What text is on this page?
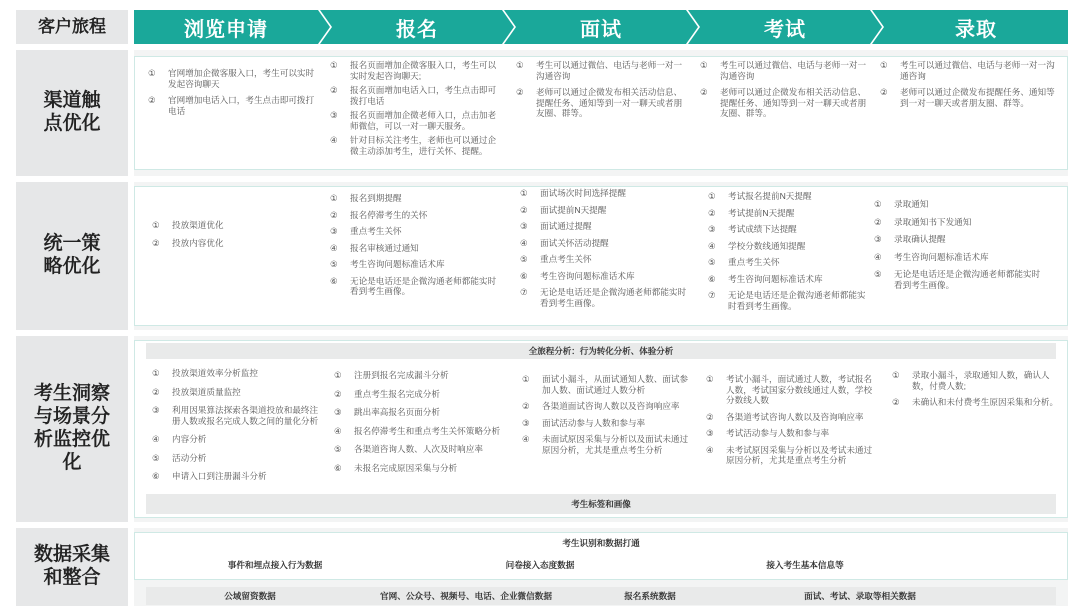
客户旅程	浏览申请	报名	面试	考试	录取
渠道触点优化
①	官网增加企微客服入口，考生可以实时发起咨询聊天
②	官网增加电话入口，考生点击即可拨打电话
①	报名页面增加企微客服入口，考生可以实时发起咨询聊天;
②	报名页面增加电话入口，考生点击即可拨打电话
③	报名页面增加企微老师入口，点击加老师微信，可以一对一聊天服务。
④	针对目标关注考生，老师也可以通过企微主动添加考生，进行关怀、提醒。
①	考生可以通过微信、电话与老师一对一沟通咨询
②	老师可以通过企微发布相关活动信息、提醒任务、通知等到一对一聊天或者朋友圈、群等。
①	考生可以通过微信、电话与老师一对一沟通咨询
②	老师可以通过企微发布相关活动信息、提醒任务、通知等到一对一聊天或者朋友圈、群等。
①	考生可以通过微信、电话与老师一对一沟通咨询
②	老师可以通过企微发布提醒任务、通知等到一对一聊天或者朋友圈、群等。
统一策略优化
①	投放渠道优化
②	投放内容优化
①	报名到期提醒
②	报名停滞考生的关怀
③	重点考生关怀
④	报名审核通过通知
⑤	考生咨询问题标准话术库
⑥	无论是电话还是企微沟通老师都能实时看到考生画像。
①	面试场次时间选择提醒
②	面试提前N天提醒
③	面试通过提醒
④	面试关怀活动提醒
⑤	重点考生关怀
⑥	考生咨询问题标准话术库
⑦	无论是电话还是企微沟通老师都能实时看到考生画像。
①	考试报名提前N天提醒
②	考试提前N天提醒
③	考试成绩下达提醒
④	学校分数线通知提醒
⑤	重点考生关怀
⑥	考生咨询问题标准话术库
⑦	无论是电话还是企微沟通老师都能实时看到考生画像。
①	录取通知
②	录取通知书下发通知
③	录取确认提醒
④	考生咨询问题标准话术库
⑤	无论是电话还是企微沟通老师都能实时看到考生画像。
考生洞察与场景分析监控优化
全旅程分析：行为转化分析、体验分析
考生标签和画像
①	投放渠道效率分析监控
②	投放渠道质量监控
③	利用因果算法探索各渠道投放和最终注册人数或报名完成人数之间的量化分析
④	内容分析
⑤	活动分析
⑥	申请入口到注册漏斗分析
①	注册到报名完成漏斗分析
②	重点考生报名完成分析
③	跳出率高报名页面分析
④	报名停滞考生和重点考生关怀策略分析
⑤	各渠道咨询人数、人次及时响应率
⑥	未报名完成原因采集与分析
①	面试小漏斗，从面试通知人数、面试参加人数、面试通过人数分析
②	各渠道面试咨询人数以及咨询响应率
③	面试活动参与人数和参与率
④	未面试原因采集与分析以及面试未通过原因分析，尤其是重点考生分析
①	考试小漏斗，面试通过人数，考试报名人数，考试国家分数线通过人数，学校分数线人数
②	各渠道考试咨询人数以及咨询响应率
③	考试活动参与人数和参与率
④	未考试原因采集与分析以及考试未通过原因分析，尤其是重点考生分析
①	录取小漏斗，录取通知人数，确认人数，付费人数;
②	未确认和未付费考生原因采集和分析。
数据采集和整合
考生识别和数据打通
事件和埋点接入行为数据	问卷接入态度数据	接入考生基本信息等
公域留资数据	官网、公众号、视频号、电话、企业微信数据	报名系统数据	面试、考试、录取等相关数据
